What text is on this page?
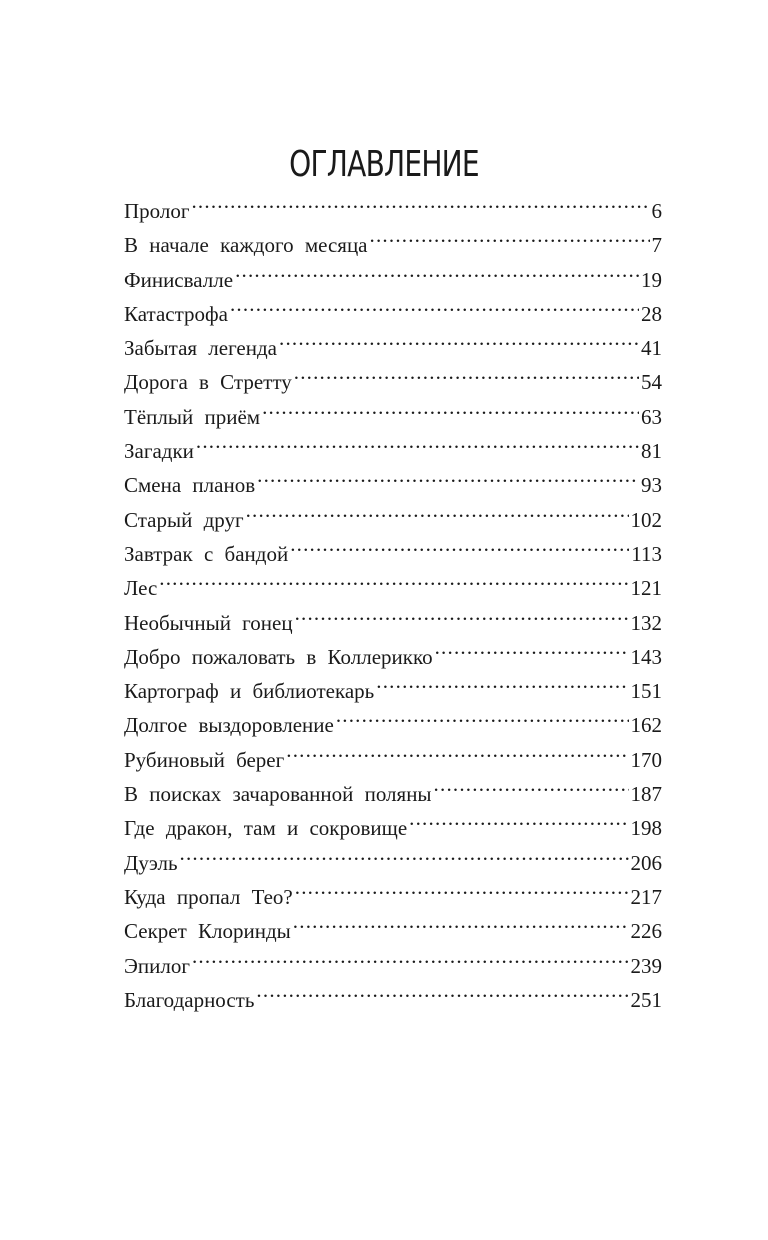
ОГЛАВЛЕНИЕ
Пролог .....	6
В начале каждого месяца .....	7
Финисвалле .....	19
Катастрофа .....	28
Забытая легенда .....	41
Дорога в Стретту .....	54
Тёплый приём .....	63
Загадки .....	81
Смена планов .....	93
Старый друг .....	102
Завтрак с бандой .....	113
Лес .....	121
Необычный гонец .....	132
Добро пожаловать в Коллерикко .....	143
Картограф и библиотекарь .....	151
Долгое выздоровление .....	162
Рубиновый берег .....	170
В поисках зачарованной поляны .....	187
Где дракон, там и сокровище .....	198
Дуэль .....	206
Куда пропал Тео? .....	217
Секрет Клоринды .....	226
Эпилог .....	239
Благодарность .....	251
